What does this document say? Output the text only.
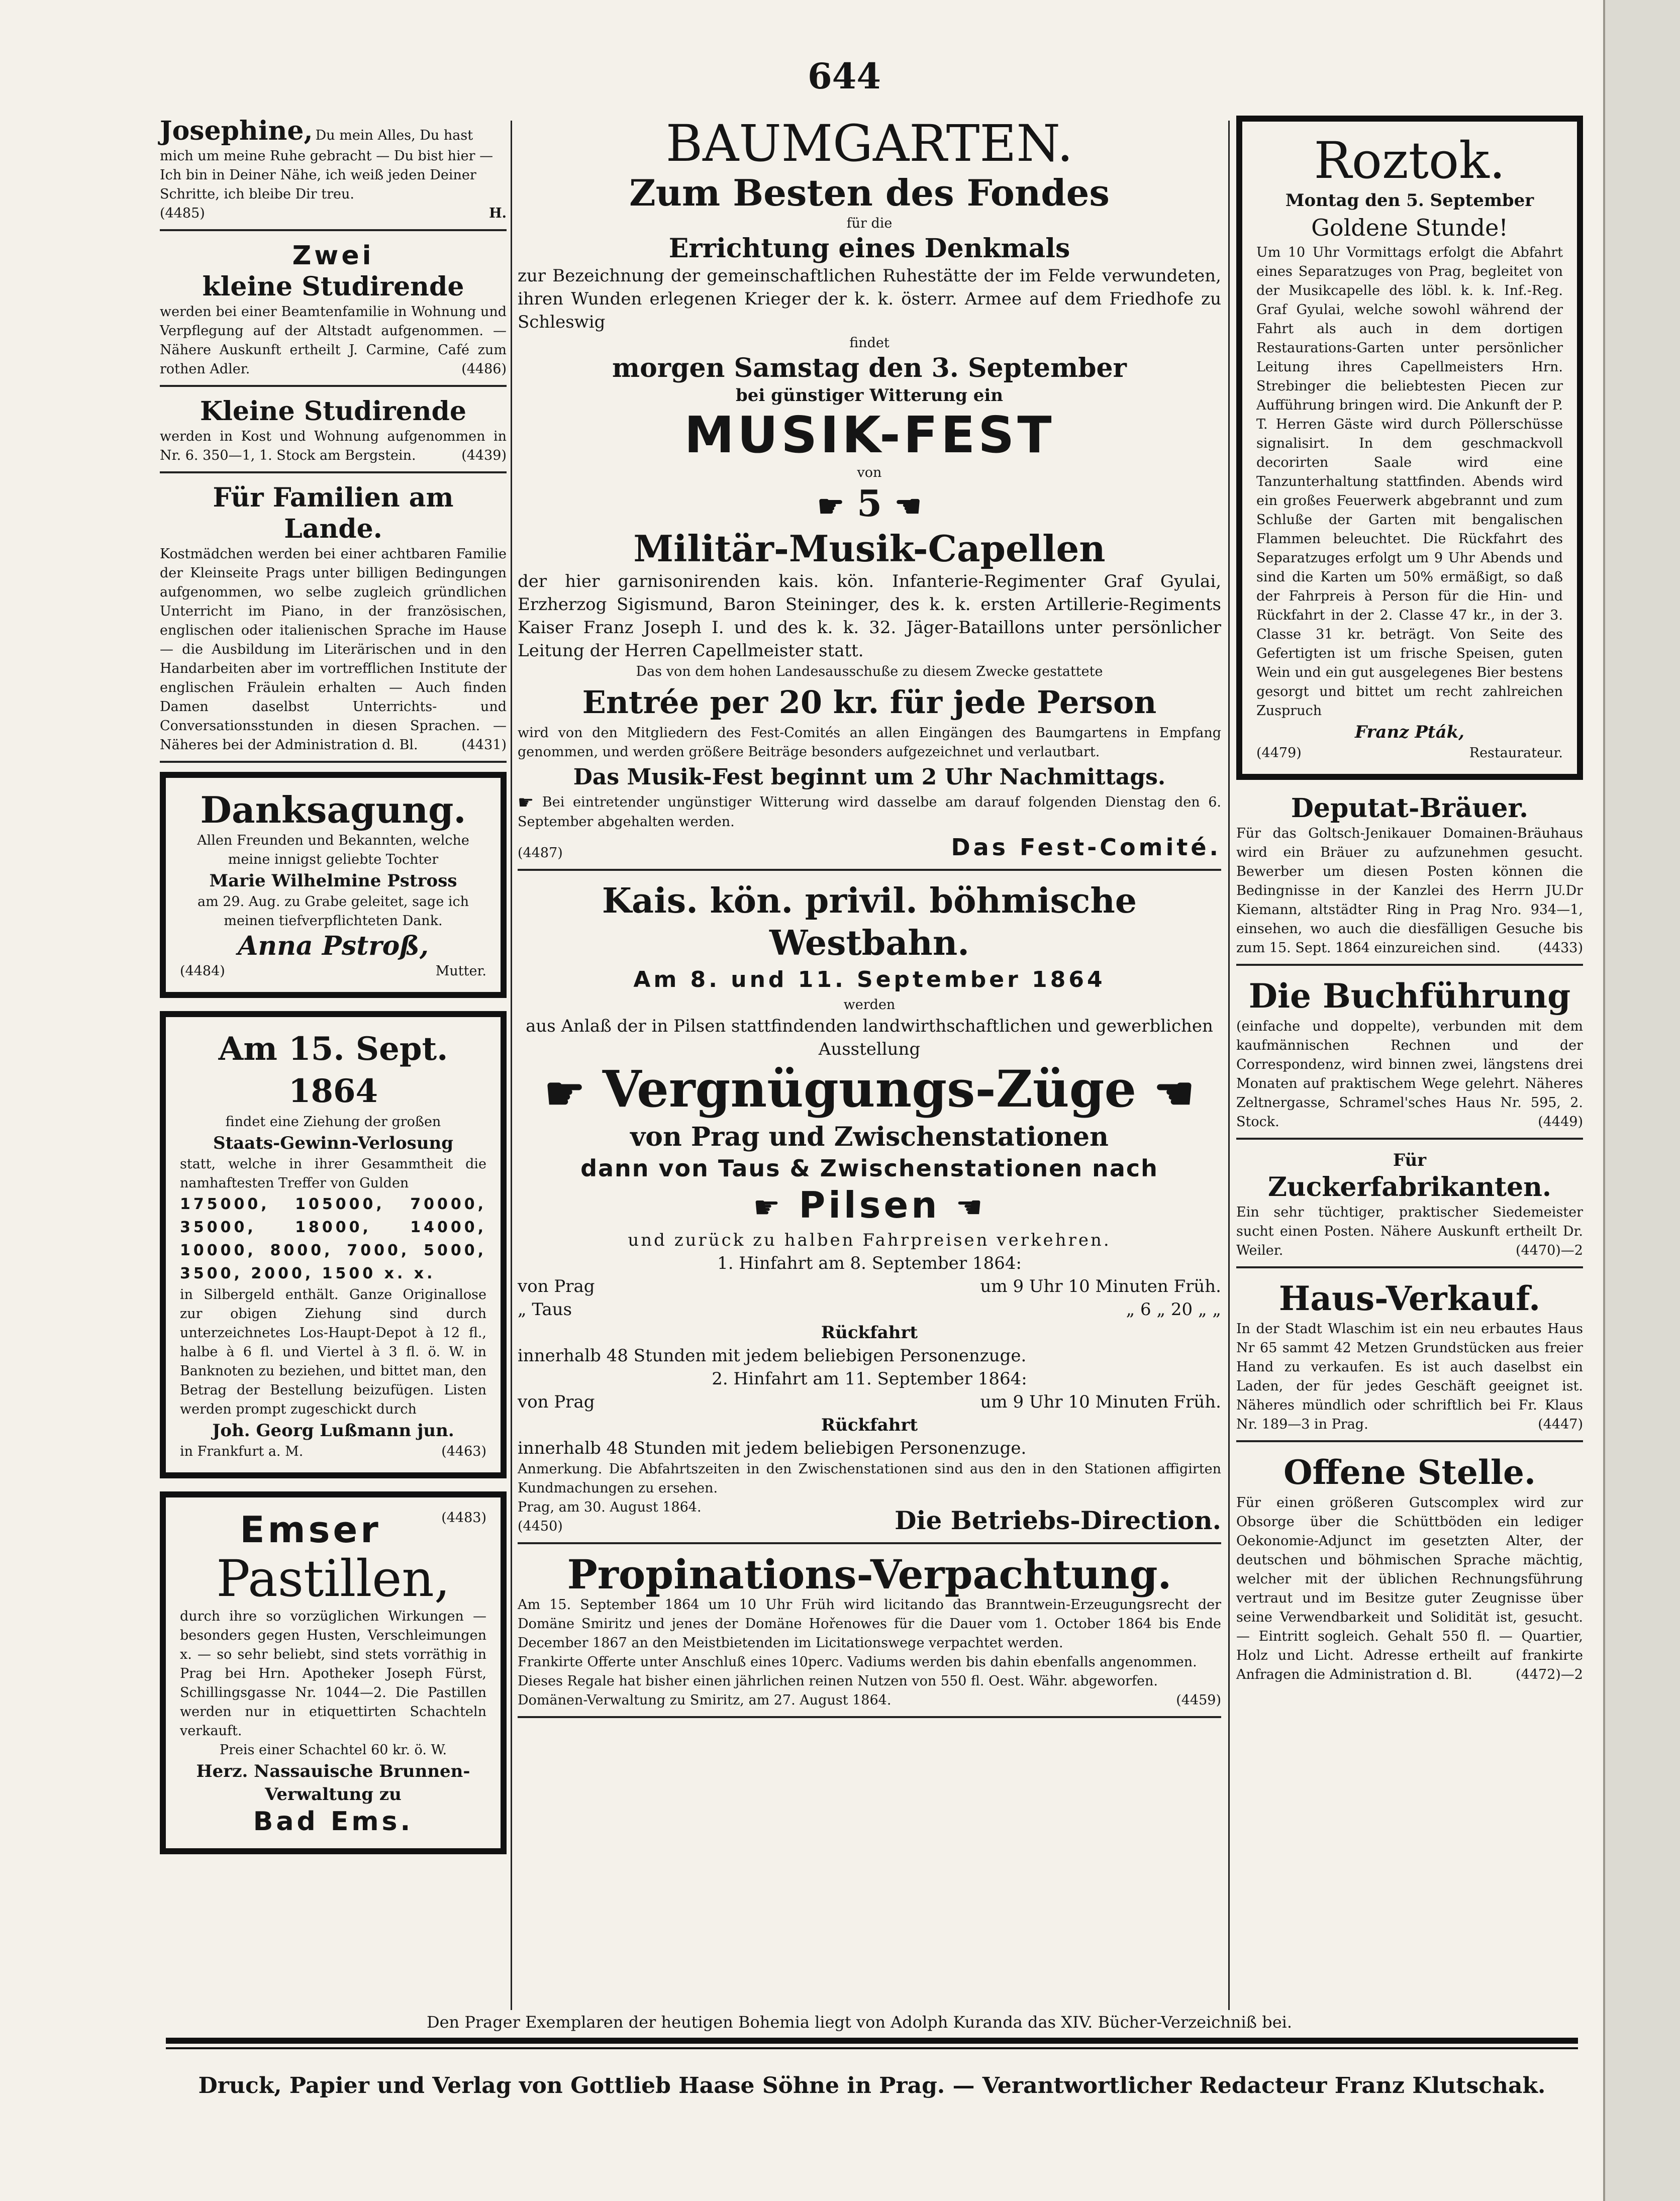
644
Josephine, Du mein Alles, Du hast mich um meine Ruhe gebracht — Du bist hier — Ich bin in Deiner Nähe, ich weiß jeden Deiner Schritte, ich bleibe Dir treu.
(4485)	H.
Zwei
kleine Studirende
werden bei einer Beamtenfamilie in Wohnung und Verpflegung auf der Altstadt aufgenommen. — Nähere Auskunft ertheilt J. Carmine, Café zum rothen Adler.	(4486)
Kleine Studirende
werden in Kost und Wohnung aufgenommen in Nr. 6. 350—1, 1. Stock am Bergstein.	(4439)
Für Familien am Lande.
Kostmädchen werden bei einer achtbaren Familie der Kleinseite Prags unter billigen Bedingungen aufgenommen, wo selbe zugleich gründlichen Unterricht im Piano, in der französischen, englischen oder italienischen Sprache im Hause — die Ausbildung im Literärischen und in den Handarbeiten aber im vortrefflichen Institute der englischen Fräulein erhalten — Auch finden Damen daselbst Unterrichts- und Conversationsstunden in diesen Sprachen. — Näheres bei der Administration d. Bl.	(4431)
Danksagung.
Allen Freunden und Bekannten, welche meine innigst geliebte Tochter
Marie Wilhelmine Pstross
am 29. Aug. zu Grabe geleitet, sage ich meinen tiefverpflichteten Dank.
Anna Pstroß,
(4484)	Mutter.
Am 15. Sept. 1864
findet eine Ziehung der großen
Staats-Gewinn-Verlosung
statt, welche in ihrer Gesammtheit die namhaftesten Treffer von Gulden
175000, 105000, 70000, 35000, 18000, 14000, 10000, 8000, 7000, 5000, 3500, 2000, 1500 x. x.
in Silbergeld enthält. Ganze Originallose zur obigen Ziehung sind durch unterzeichnetes Los-Haupt-Depot à 12 fl., halbe à 6 fl. und Viertel à 3 fl. ö. W. in Banknoten zu beziehen, und bittet man, den Betrag der Bestellung beizufügen. Listen werden prompt zugeschickt durch
Joh. Georg Lußmann jun.
in Frankfurt a. M.	(4463)
Emser	(4483)
Pastillen,
durch ihre so vorzüglichen Wirkungen — besonders gegen Husten, Verschleimungen x. — so sehr beliebt, sind stets vorräthig in Prag bei Hrn. Apotheker Joseph Fürst, Schillingsgasse Nr. 1044—2. Die Pastillen werden nur in etiquettirten Schachteln verkauft.
Preis einer Schachtel 60 kr. ö. W.
Herz. Nassauische Brunnen-Verwaltung zu
Bad Ems.
BAUMGARTEN.
Zum Besten des Fondes
für die
Errichtung eines Denkmals
zur Bezeichnung der gemeinschaftlichen Ruhestätte der im Felde verwundeten, ihren Wunden erlegenen Krieger der k. k. österr. Armee auf dem Friedhofe zu Schleswig
findet
morgen Samstag den 3. September
bei günstiger Witterung ein
MUSIK-FEST
von
☛ 5 ☚
Militär-Musik-Capellen
der hier garnisonirenden kais. kön. Infanterie-Regimenter Graf Gyulai, Erzherzog Sigismund, Baron Steininger, des k. k. ersten Artillerie-Regiments Kaiser Franz Joseph I. und des k. k. 32. Jäger-Bataillons unter persönlicher Leitung der Herren Capellmeister statt.
Das von dem hohen Landesausschuße zu diesem Zwecke gestattete
Entrée per 20 kr. für jede Person
wird von den Mitgliedern des Fest-Comités an allen Eingängen des Baumgartens in Empfang genommen, und werden größere Beiträge besonders aufgezeichnet und verlautbart.
Das Musik-Fest beginnt um 2 Uhr Nachmittags.
☛ Bei eintretender ungünstiger Witterung wird dasselbe am darauf folgenden Dienstag den 6. September abgehalten werden.
(4487)	Das Fest-Comité.
Kais. kön. privil. böhmische Westbahn.
Am 8. und 11. September 1864
werden
aus Anlaß der in Pilsen stattfindenden landwirthschaftlichen und gewerblichen Ausstellung
☛ Vergnügungs-Züge ☚
von Prag und Zwischenstationen
dann von Taus & Zwischenstationen nach
☛ Pilsen ☚
und zurück zu halben Fahrpreisen verkehren.
1. Hinfahrt am 8. September 1864:
von Prag	um 9 Uhr 10 Minuten Früh.
„ Taus	„ 6 „ 20 „ „
Rückfahrt
innerhalb 48 Stunden mit jedem beliebigen Personenzuge.
2. Hinfahrt am 11. September 1864:
von Prag	um 9 Uhr 10 Minuten Früh.
Rückfahrt
innerhalb 48 Stunden mit jedem beliebigen Personenzuge.
Anmerkung. Die Abfahrtszeiten in den Zwischenstationen sind aus den in den Stationen affigirten Kundmachungen zu ersehen.
Prag, am 30. August 1864.
(4450)	Die Betriebs-Direction.
Propinations-Verpachtung.
Am 15. September 1864 um 10 Uhr Früh wird licitando das Branntwein-Erzeugungsrecht der Domäne Smiritz und jenes der Domäne Hořenowes für die Dauer vom 1. October 1864 bis Ende December 1867 an den Meistbietenden im Licitationswege verpachtet werden.
Frankirte Offerte unter Anschluß eines 10perc. Vadiums werden bis dahin ebenfalls angenommen.
Dieses Regale hat bisher einen jährlichen reinen Nutzen von 550 fl. Oest. Währ. abgeworfen.
Domänen-Verwaltung zu Smiritz, am 27. August 1864.	(4459)
Roztok.
Montag den 5. September
Goldene Stunde!
Um 10 Uhr Vormittags erfolgt die Abfahrt eines Separatzuges von Prag, begleitet von der Musikcapelle des löbl. k. k. Inf.-Reg. Graf Gyulai, welche sowohl während der Fahrt als auch in dem dortigen Restaurations-Garten unter persönlicher Leitung ihres Capellmeisters Hrn. Strebinger die beliebtesten Piecen zur Aufführung bringen wird. Die Ankunft der P. T. Herren Gäste wird durch Pöllerschüsse signalisirt. In dem geschmackvoll decorirten Saale wird eine Tanzunterhaltung stattfinden. Abends wird ein großes Feuerwerk abgebrannt und zum Schluße der Garten mit bengalischen Flammen beleuchtet. Die Rückfahrt des Separatzuges erfolgt um 9 Uhr Abends und sind die Karten um 50% ermäßigt, so daß der Fahrpreis à Person für die Hin- und Rückfahrt in der 2. Classe 47 kr., in der 3. Classe 31 kr. beträgt. Von Seite des Gefertigten ist um frische Speisen, guten Wein und ein gut ausgelegenes Bier bestens gesorgt und bittet um recht zahlreichen Zuspruch
Franz Pták,
(4479)	Restaurateur.
Deputat-Bräuer.
Für das Goltsch-Jenikauer Domainen-Bräuhaus wird ein Bräuer zu aufzunehmen gesucht. Bewerber um diesen Posten können die Bedingnisse in der Kanzlei des Herrn JU.Dr Kiemann, altstädter Ring in Prag Nro. 934—1, einsehen, wo auch die diesfälligen Gesuche bis zum 15. Sept. 1864 einzureichen sind.	(4433)
Die Buchführung
(einfache und doppelte), verbunden mit dem kaufmännischen Rechnen und der Correspondenz, wird binnen zwei, längstens drei Monaten auf praktischem Wege gelehrt. Näheres Zeltnergasse, Schramel'sches Haus Nr. 595, 2. Stock.	(4449)
Für
Zuckerfabrikanten.
Ein sehr tüchtiger, praktischer Siedemeister sucht einen Posten. Nähere Auskunft ertheilt Dr. Weiler.	(4470)—2
Haus-Verkauf.
In der Stadt Wlaschim ist ein neu erbautes Haus Nr 65 sammt 42 Metzen Grundstücken aus freier Hand zu verkaufen. Es ist auch daselbst ein Laden, der für jedes Geschäft geeignet ist. Näheres mündlich oder schriftlich bei Fr. Klaus Nr. 189—3 in Prag.	(4447)
Offene Stelle.
Für einen größeren Gutscomplex wird zur Obsorge über die Schüttböden ein lediger Oekonomie-Adjunct im gesetzten Alter, der deutschen und böhmischen Sprache mächtig, welcher mit der üblichen Rechnungsführung vertraut und im Besitze guter Zeugnisse über seine Verwendbarkeit und Solidität ist, gesucht. — Eintritt sogleich. Gehalt 550 fl. — Quartier, Holz und Licht. Adresse ertheilt auf frankirte Anfragen die Administration d. Bl.	(4472)—2
Den Prager Exemplaren der heutigen Bohemia liegt von Adolph Kuranda das XIV. Bücher-Verzeichniß bei.
Druck, Papier und Verlag von Gottlieb Haase Söhne in Prag. — Verantwortlicher Redacteur Franz Klutschak.
